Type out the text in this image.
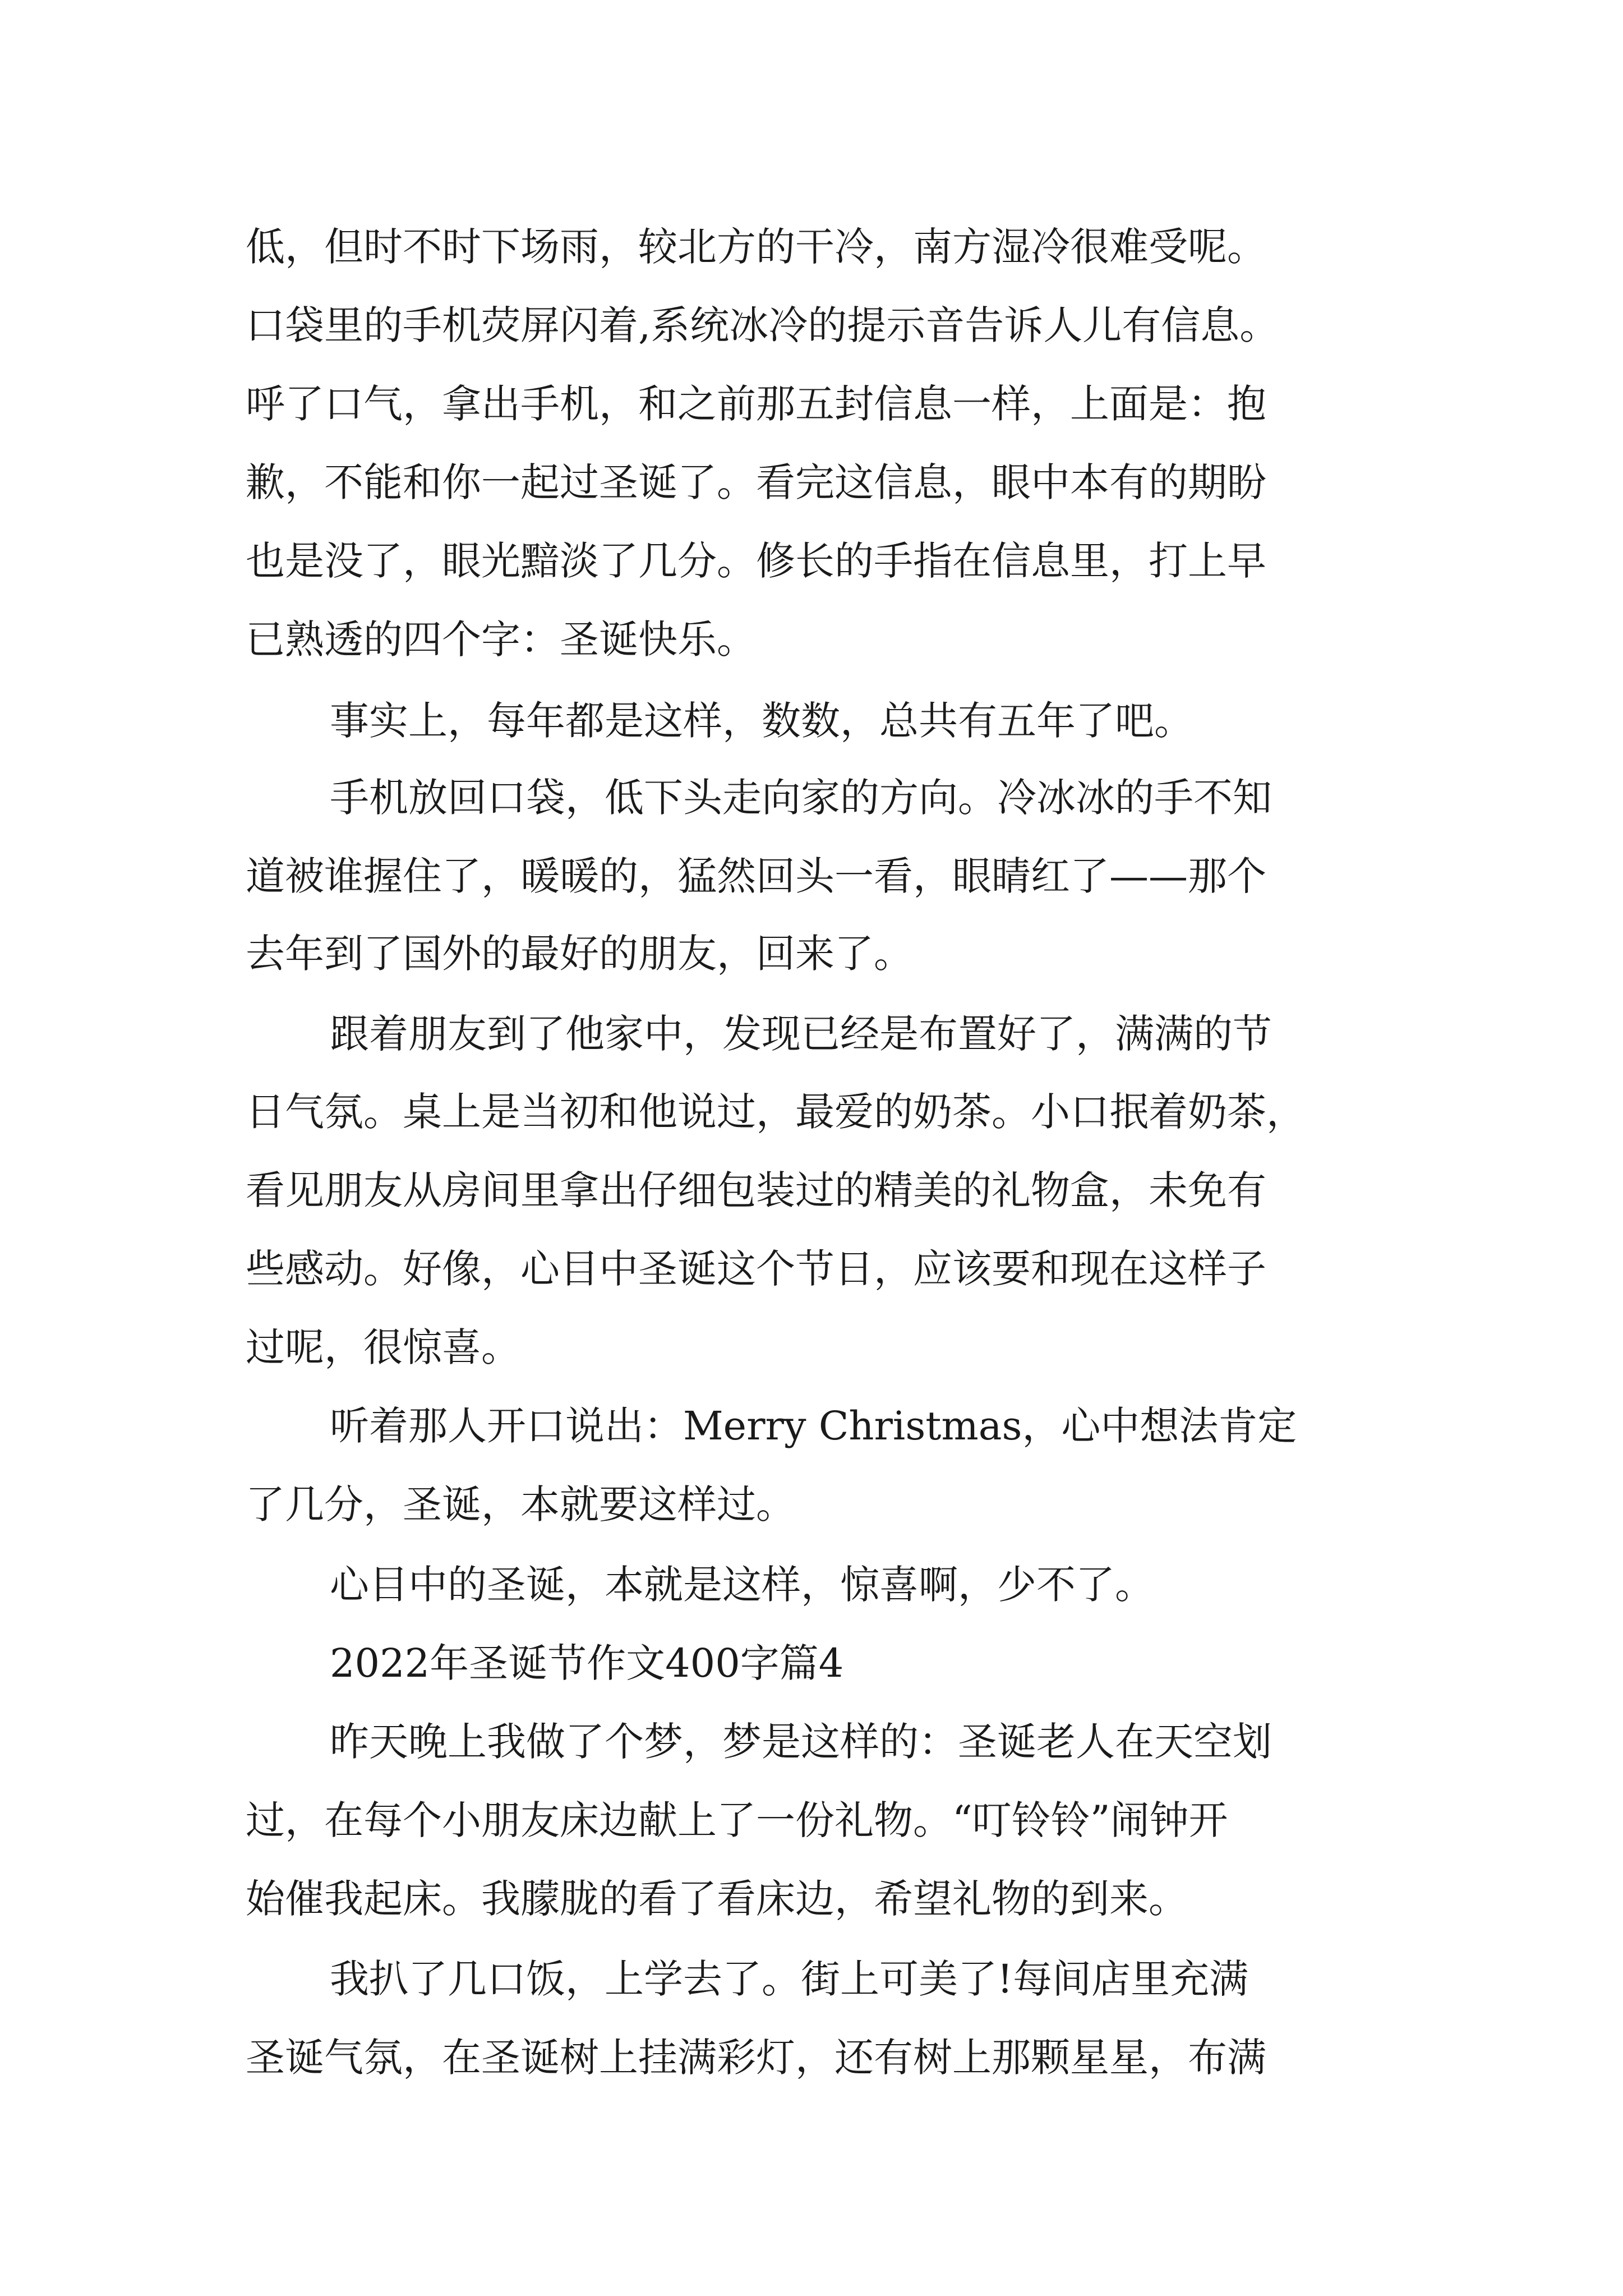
低，但时不时下场雨，较北方的干冷，南方湿冷很难受呢。
口袋里的手机荧屏闪着,系统冰冷的提示音告诉人儿有信息。
呼了口气，拿出手机，和之前那五封信息一样，上面是：抱
歉，不能和你一起过圣诞了。看完这信息，眼中本有的期盼
也是没了，眼光黯淡了几分。修长的手指在信息里，打上早
已熟透的四个字：圣诞快乐。
事实上，每年都是这样，数数，总共有五年了吧。
手机放回口袋，低下头走向家的方向。冷冰冰的手不知
道被谁握住了，暖暖的，猛然回头一看，眼睛红了——那个
去年到了国外的最好的朋友，回来了。
跟着朋友到了他家中，发现已经是布置好了，满满的节
日气氛。桌上是当初和他说过，最爱的奶茶。小口抿着奶茶，
看见朋友从房间里拿出仔细包装过的精美的礼物盒，未免有
些感动。好像，心目中圣诞这个节日，应该要和现在这样子
过呢，很惊喜。
听着那人开口说出：Merry Christmas，心中想法肯定
了几分，圣诞，本就要这样过。
心目中的圣诞，本就是这样，惊喜啊，少不了。
2022年圣诞节作文400字篇4
昨天晚上我做了个梦，梦是这样的：圣诞老人在天空划
过，在每个小朋友床边献上了一份礼物。“叮铃铃”闹钟开
始催我起床。我朦胧的看了看床边，希望礼物的到来。
我扒了几口饭，上学去了。街上可美了!每间店里充满
圣诞气氛，在圣诞树上挂满彩灯，还有树上那颗星星，布满
